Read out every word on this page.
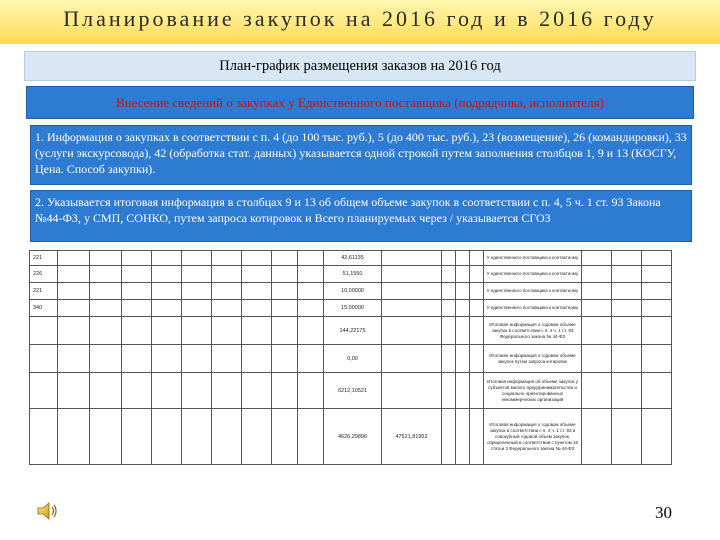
Планирование закупок на 2016 год и в 2016 году
План-график размещения заказов на 2016 год
Внесение сведений о закупках у Единственного поставщика (подрядчика, исполнителя)
1. Информация о закупках в соответствии с п. 4 (до 100 тыс. руб.), 5 (до 400 тыс. руб.), 23 (возмещение), 26 (командировки), 33 (услуги экскурсовода), 42 (обработка стат. данных) указывается одной строкой путем заполнения столбцов 1, 9 и 13 (КОСГУ, Цена. Способ закупки).
2. Указывается итоговая информация в столбцах 9 и 13 об общем объеме закупок в соответствии с п. 4, 5 ч. 1 ст. 93 Закона №44-ФЗ, у СМП, СОНКО, путем запроса котировок и Всего планируемых через / указывается СГОЗ
221										42,61135					У единственного поставщика к контактному			
226										51,1550					У единственного поставщика к контактному			
221										10,00000					У единственного поставщика к контактному			
340										15,00000					У единственного поставщика к контактному			
										144,22175					Итоговая информация о годовом объеме закупок в соответствии с п. 4 ч. 1 ст. 93 Федерального закона № 44-ФЗ			
										0,00					Итоговая информация о годовом объеме закупок путем запроса котировок			
										6212,10521					Итоговая информация об объеме закупок у субъектов малого предпринимательства и социально ориентированных некоммерческих организаций			
										4626,29896	47521,81952				Итоговая информация о годовом объеме закупок в соответствии с п. 4 ч. 1 ст. 93 и совокупный годовой объем закупок, определенный в соответствии с пунктом 16 статьи 3 Федерального закона № 44-ФЗ			
30
